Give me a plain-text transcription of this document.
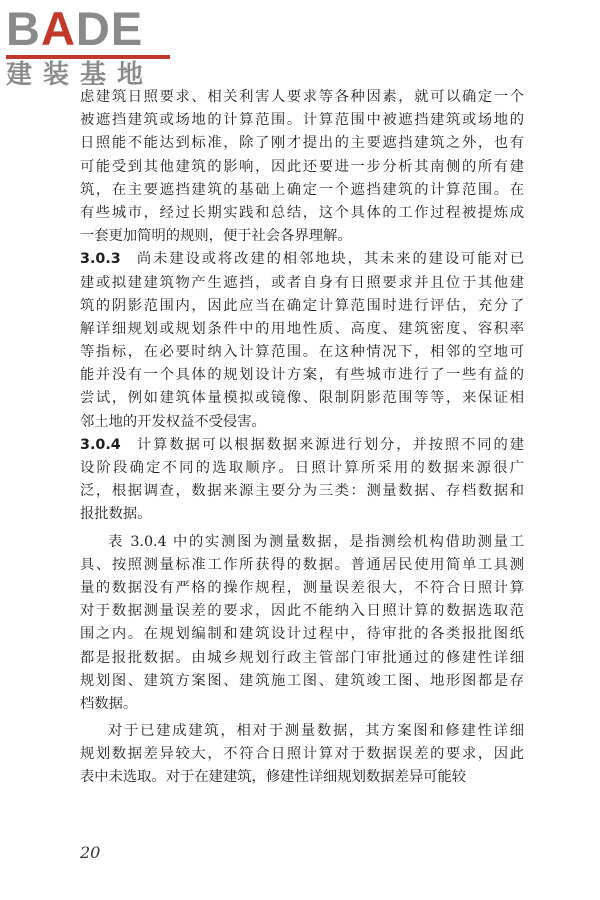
BADE
建装基地
虑建筑日照要求、相关利害人要求等各种因素，就可以确定一个
被遮挡建筑或场地的计算范围。计算范围中被遮挡建筑或场地的
日照能不能达到标准，除了刚才提出的主要遮挡建筑之外，也有
可能受到其他建筑的影响，因此还要进一步分析其南侧的所有建
筑，在主要遮挡建筑的基础上确定一个遮挡建筑的计算范围。在
有些城市，经过长期实践和总结，这个具体的工作过程被提炼成
一套更加简明的规则，便于社会各界理解。
3.0.3  尚未建设或将改建的相邻地块，其未来的建设可能对已
建或拟建建筑物产生遮挡，或者自身有日照要求并且位于其他建
筑的阴影范围内，因此应当在确定计算范围时进行评估，充分了
解详细规划或规划条件中的用地性质、高度、建筑密度、容积率
等指标，在必要时纳入计算范围。在这种情况下，相邻的空地可
能并没有一个具体的规划设计方案，有些城市进行了一些有益的
尝试，例如建筑体量模拟或镜像、限制阴影范围等等，来保证相
邻土地的开发权益不受侵害。
3.0.4  计算数据可以根据数据来源进行划分，并按照不同的建
设阶段确定不同的选取顺序。日照计算所采用的数据来源很广
泛，根据调查，数据来源主要分为三类：测量数据、存档数据和
报批数据。
表 3.0.4 中的实测图为测量数据，是指测绘机构借助测量工
具、按照测量标准工作所获得的数据。普通居民使用简单工具测
量的数据没有严格的操作规程，测量误差很大，不符合日照计算
对于数据测量误差的要求，因此不能纳入日照计算的数据选取范
围之内。在规划编制和建筑设计过程中，待审批的各类报批图纸
都是报批数据。由城乡规划行政主管部门审批通过的修建性详细
规划图、建筑方案图、建筑施工图、建筑竣工图、地形图都是存
档数据。
对于已建成建筑，相对于测量数据，其方案图和修建性详细
规划数据差异较大，不符合日照计算对于数据误差的要求，因此
表中未选取。对于在建建筑，修建性详细规划数据差异可能较
20
